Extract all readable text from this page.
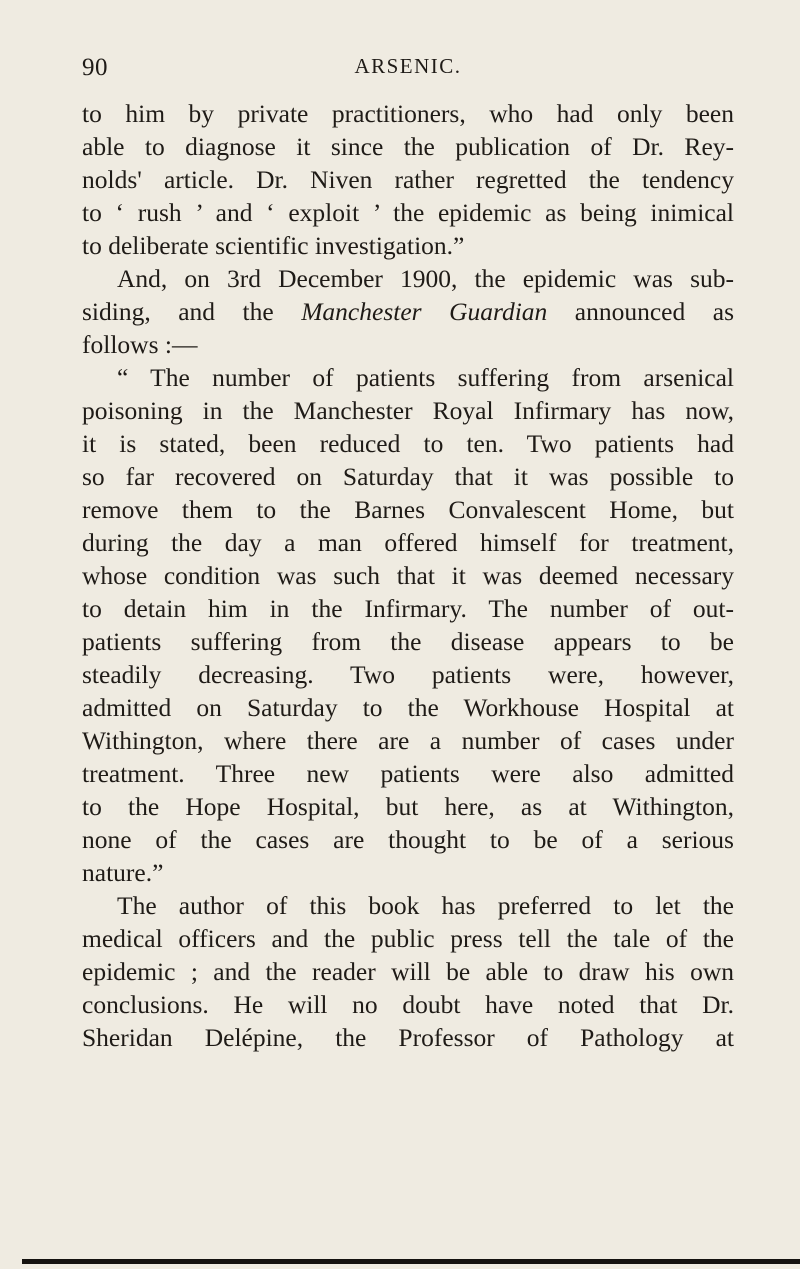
90	ARSENIC.
to him by private practitioners, who had only been
able to diagnose it since the publication of Dr. Rey-
nolds' article. Dr. Niven rather regretted the tendency
to ‘ rush ’ and ‘ exploit ’ the epidemic as being inimical
to deliberate scientific investigation.”
And, on 3rd December 1900, the epidemic was sub-
siding, and the Manchester Guardian announced as
follows :—
“ The number of patients suffering from arsenical
poisoning in the Manchester Royal Infirmary has now,
it is stated, been reduced to ten. Two patients had
so far recovered on Saturday that it was possible to
remove them to the Barnes Convalescent Home, but
during the day a man offered himself for treatment,
whose condition was such that it was deemed necessary
to detain him in the Infirmary. The number of out-
patients suffering from the disease appears to be
steadily decreasing. Two patients were, however,
admitted on Saturday to the Workhouse Hospital at
Withington, where there are a number of cases under
treatment. Three new patients were also admitted
to the Hope Hospital, but here, as at Withington,
none of the cases are thought to be of a serious
nature.”
The author of this book has preferred to let the
medical officers and the public press tell the tale of the
epidemic ; and the reader will be able to draw his own
conclusions. He will no doubt have noted that Dr.
Sheridan Delépine, the Professor of Pathology at
